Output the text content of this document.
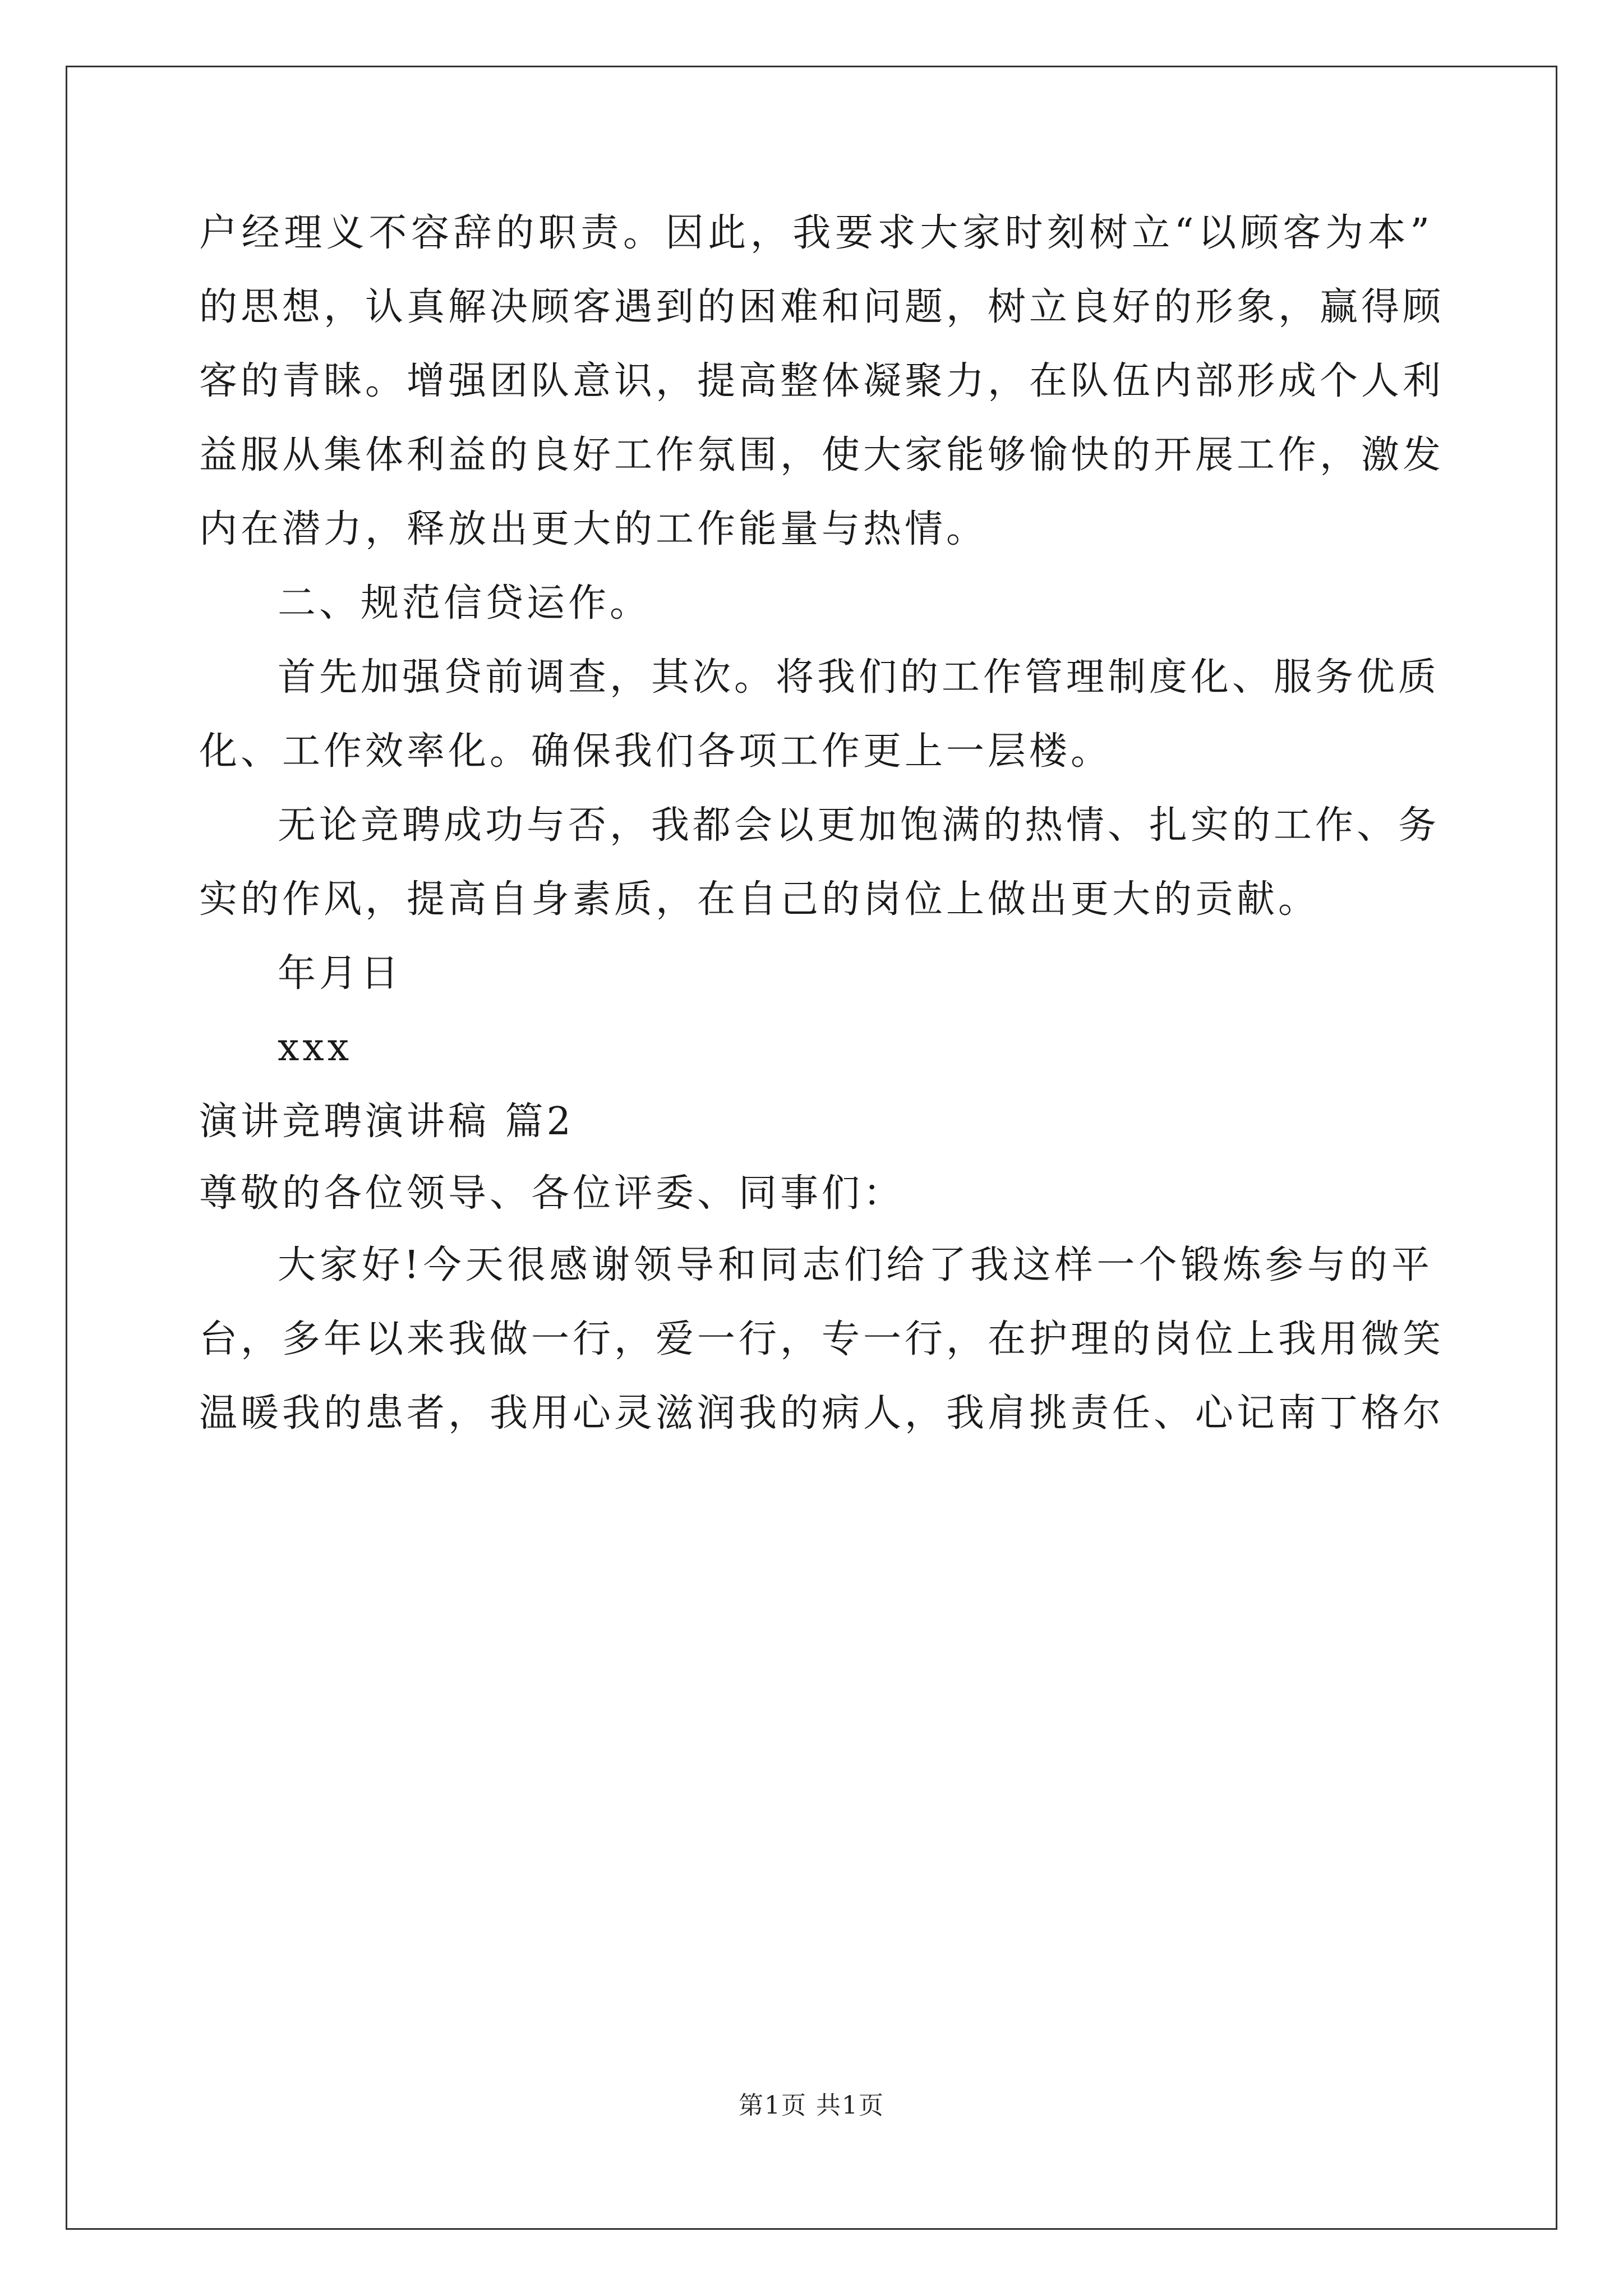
户经理义不容辞的职责。因此，我要求大家时刻树立“以顾客为本”
的思想，认真解决顾客遇到的困难和问题，树立良好的形象，赢得顾
客的青睐。增强团队意识，提高整体凝聚力，在队伍内部形成个人利
益服从集体利益的良好工作氛围，使大家能够愉快的开展工作，激发
内在潜力，释放出更大的工作能量与热情。
二、规范信贷运作。
首先加强贷前调查，其次。将我们的工作管理制度化、服务优质
化、工作效率化。确保我们各项工作更上一层楼。
无论竞聘成功与否，我都会以更加饱满的热情、扎实的工作、务
实的作风，提高自身素质，在自己的岗位上做出更大的贡献。
年月日
xxx
演讲竞聘演讲稿 篇2
尊敬的各位领导、各位评委、同事们：
大家好!今天很感谢领导和同志们给了我这样一个锻炼参与的平
台，多年以来我做一行，爱一行，专一行，在护理的岗位上我用微笑
温暖我的患者，我用心灵滋润我的病人，我肩挑责任、心记南丁格尔
第1页 共1页
